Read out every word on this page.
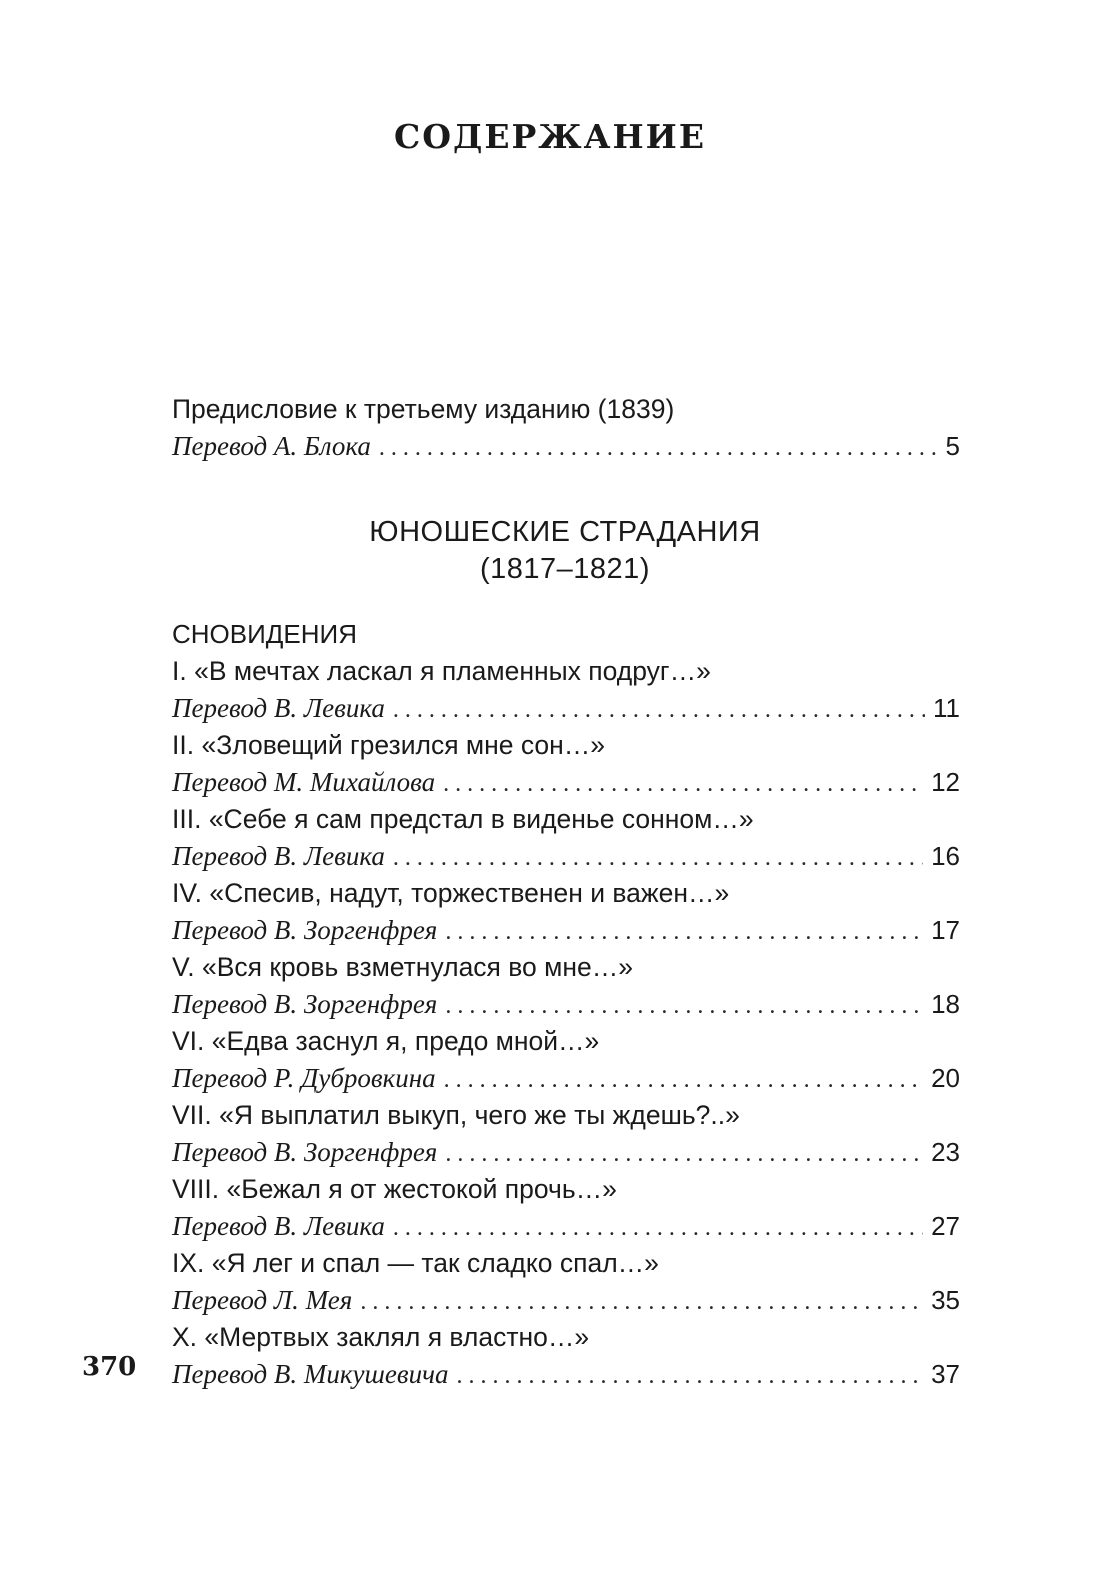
СОДЕРЖАНИЕ
Предисловие к третьему изданию (1839)
Перевод А. Блока . . .	5
ЮНОШЕСКИЕ СТРАДАНИЯ
(1817–1821)
СНОВИДЕНИЯ
I. «В мечтах ласкал я пламенных подруг…»
Перевод В. Левика . . .	11
II. «Зловещий грезился мне сон…»
Перевод М. Михайлова . . .	12
III. «Себе я сам предстал в виденье сонном…»
Перевод В. Левика . . .	16
IV. «Спесив, надут, торжественен и важен…»
Перевод В. Зоргенфрея . . .	17
V. «Вся кровь взметнулася во мне…»
Перевод В. Зоргенфрея . . .	18
VI. «Едва заснул я, предо мной…»
Перевод Р. Дубровкина . . .	20
VII. «Я выплатил выкуп, чего же ты ждешь?..»
Перевод В. Зоргенфрея . . .	23
VIII. «Бежал я от жестокой прочь…»
Перевод В. Левика . . .	27
IX. «Я лег и спал — так сладко спал…»
Перевод Л. Мея . . .	35
X. «Мертвых заклял я властно…»
Перевод В. Микушевича . . .	37
370
